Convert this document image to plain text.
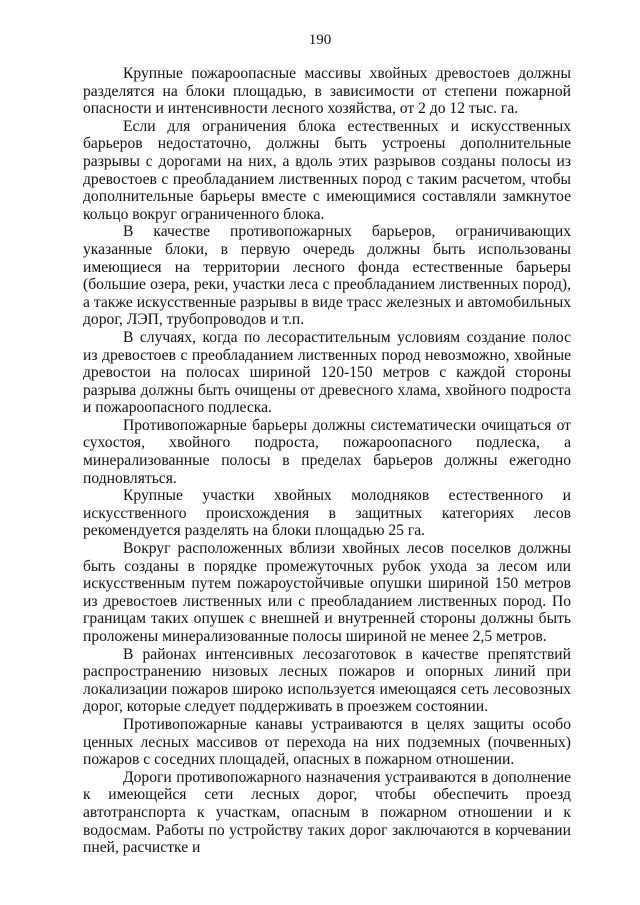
190

Крупные пожароопасные массивы хвойных древостоев должны разделятся на блоки площадью, в зависимости от степени пожарной опасности и интенсивности лесного хозяйства, от 2 до 12 тыс. га.

Если для ограничения блока естественных и искусственных барьеров недостаточно, должны быть устроены дополнительные разрывы с дорогами на них, а вдоль этих разрывов созданы полосы из древостоев с преобладанием лиственных пород с таким расчетом, чтобы дополнительные барьеры вместе с имеющимися составляли замкнутое кольцо вокруг ограниченного блока.

В качестве противопожарных барьеров, ограничивающих указанные блоки, в первую очередь должны быть использованы имеющиеся на территории лесного фонда естественные барьеры (большие озера, реки, участки леса с преобладанием лиственных пород), а также искусственные разрывы в виде трасс железных и автомобильных дорог, ЛЭП, трубопроводов и т.п.

В случаях, когда по лесорастительным условиям создание полос из древостоев с преобладанием лиственных пород невозможно, хвойные древостои на полосах шириной 120-150 метров с каждой стороны разрыва должны быть очищены от древесного хлама, хвойного подроста и пожароопасного подлеска.

Противопожарные барьеры должны систематически очищаться от сухостоя, хвойного подроста, пожароопасного подлеска, а минерализованные полосы в пределах барьеров должны ежегодно подновляться.

Крупные участки хвойных молодняков естественного и искусственного происхождения в защитных категориях лесов рекомендуется разделять на блоки площадью 25 га.

Вокруг расположенных вблизи хвойных лесов поселков должны быть созданы в порядке промежуточных рубок ухода за лесом или искусственным путем пожароустойчивые опушки шириной 150 метров из древостоев лиственных или с преобладанием лиственных пород. По границам таких опушек с внешней и внутренней стороны должны быть проложены минерализованные полосы шириной не менее 2,5 метров.

В районах интенсивных лесозаготовок в качестве препятствий распространению низовых лесных пожаров и опорных линий при локализации пожаров широко используется имеющаяся сеть лесовозных дорог, которые следует поддерживать в проезжем состоянии.

Противопожарные канавы устраиваются в целях защиты особо ценных лесных массивов от перехода на них подземных (почвенных) пожаров с соседних площадей, опасных в пожарном отношении.

Дороги противопожарного назначения устраиваются в дополнение к имеющейся сети лесных дорог, чтобы обеспечить проезд автотранспорта к участкам, опасным в пожарном отношении и к водосмам. Работы по устройству таких дорог заключаются в корчевании пней, расчистке и
